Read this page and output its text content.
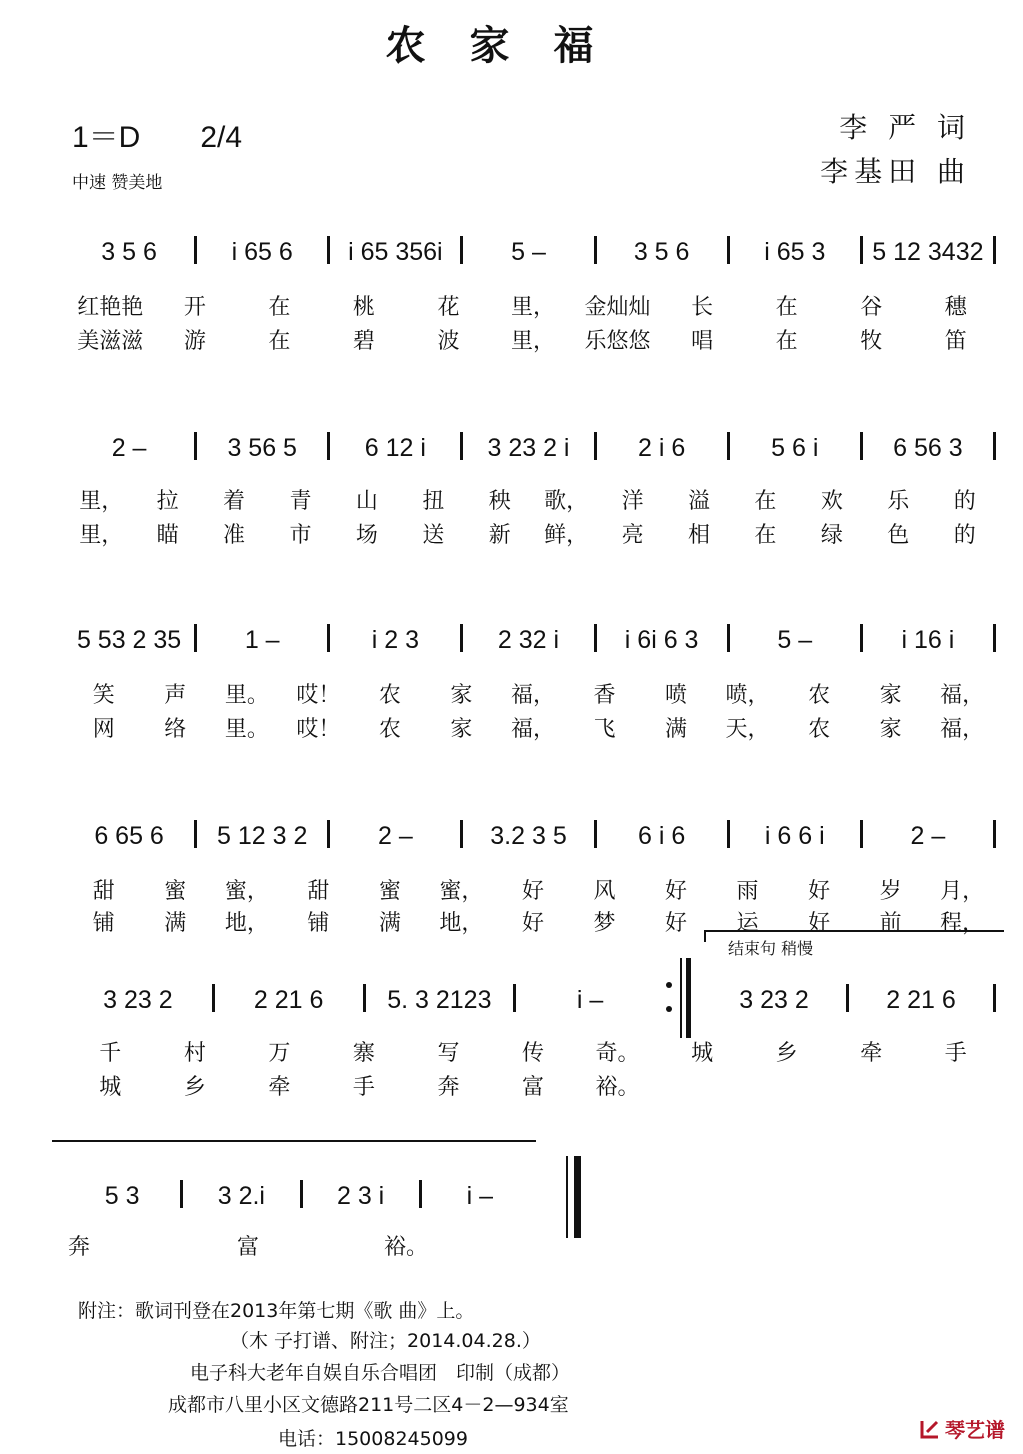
农家福
1＝D　　2/4
中速 赞美地
李 严 词
李基田 曲
3 5 6	i 65 6	i 65 356i	5 –	3 5 6	i 65 3	5 12 3432
红艳艳	开	在	桃	花	里，	金灿灿	长	在	谷	穗
美滋滋	游	在	碧	波	里，	乐悠悠	唱	在	牧	笛
2 –	3 56 5	6 12 i	3 23 2 i	2 i 6	5 6 i	6 56 3
里，	拉	着	青	山	扭	秧	歌，	洋	溢	在	欢	乐	的
里，	瞄	准	市	场	送	新	鲜，	亮	相	在	绿	色	的
5 53 2 35	1 –	i 2 3	2 32 i	i 6i 6 3	5 –	i 16 i
笑	声	里。	哎！	农	家	福，	香	喷	喷，	农	家	福，
网	络	里。	哎！	农	家	福，	飞	满	天，	农	家	福，
6 65 6	5 12 3 2	2 –	3.2 3 5	6 i 6	i 6 6 i	2 –
甜	蜜	蜜，	甜	蜜	蜜，	好	风	好	雨	好	岁	月，
铺	满	地，	铺	满	地，	好	梦	好	运	好	前	程，
结束句 稍慢
3 23 2	2 21 6	5. 3 2123	i –	3 23 2	2 21 6
千	村	万	寨	写	传	奇。	城	乡	牵	手
城	乡	牵	手	奔	富	裕。
5 3	3 2.i	2 3 i	i –
奔	富	裕。
附注：歌词刊登在2013年第七期《歌 曲》上。
（木 子打谱、附注；2014.04.28.）
电子科大老年自娱自乐合唱团　印制（成都）
成都市八里小区文德路211号二区4－2—934室
电话：15008245099	琴艺谱
